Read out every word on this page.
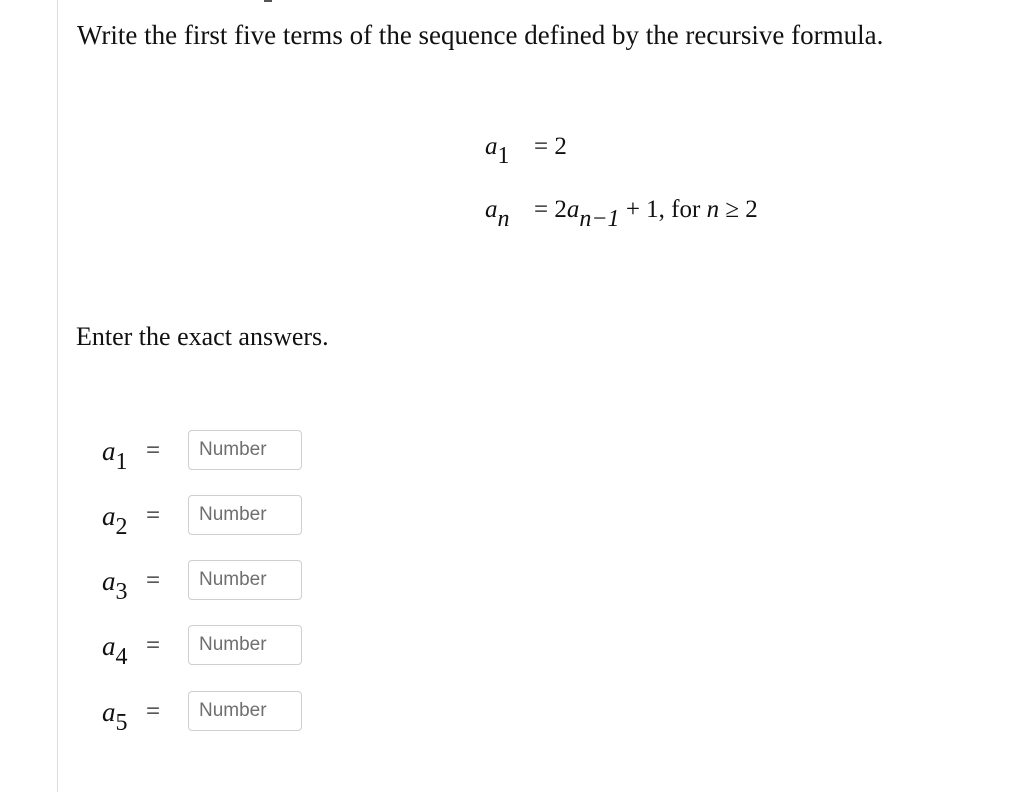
Write the first five terms of the sequence defined by the recursive formula.
$a_1 = 2$
$a_n = 2an-1 + 1$, for n ≥ 2
Enter the exact answers.
$a_1$ =
Number
$a_2$ =
Number
$a_3$ =
Number
$a_4$ =
Number
$a_5$ =
Number
